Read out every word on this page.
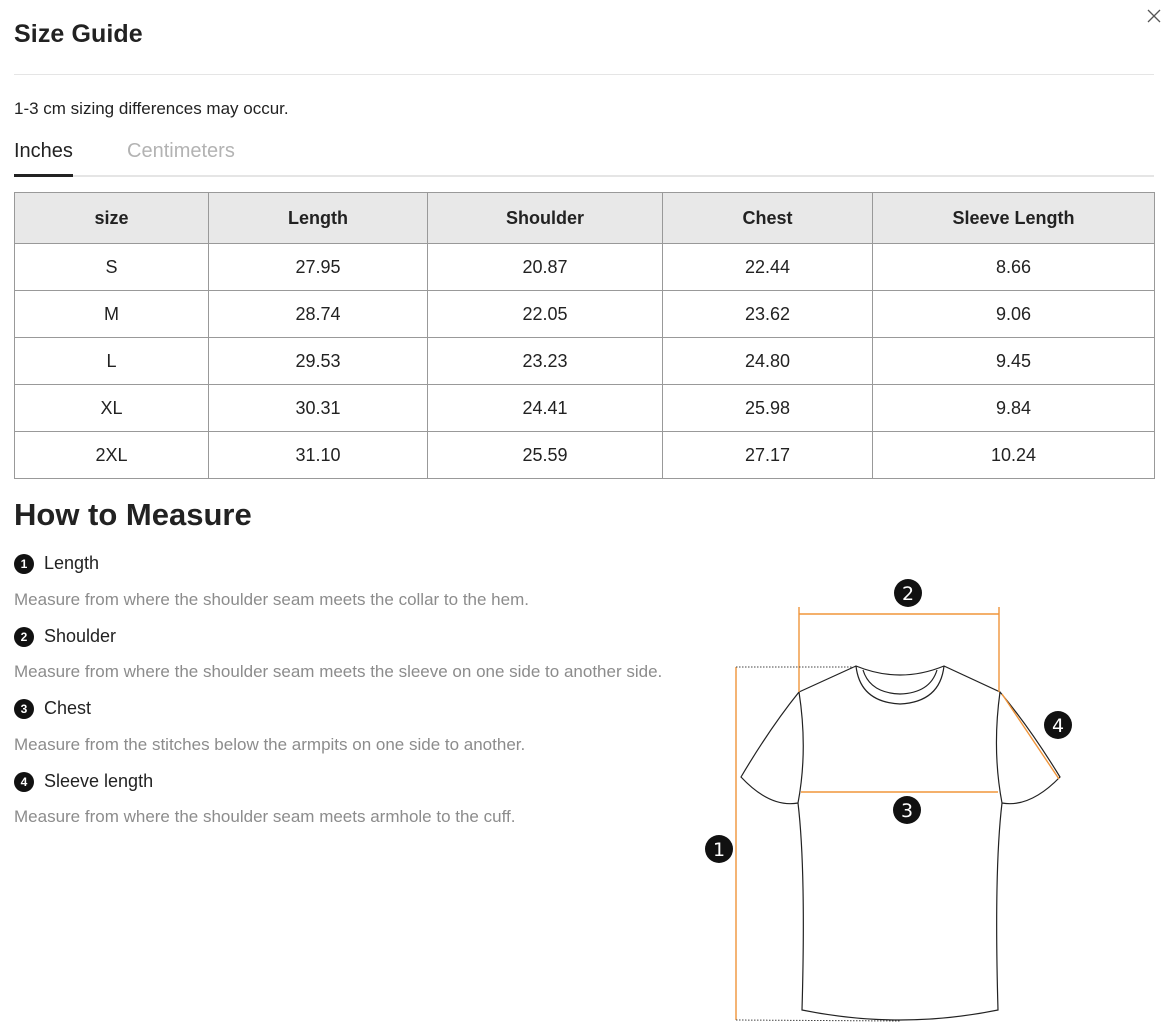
Size Guide
1-3 cm sizing differences may occur.
Inches	Centimeters
size	Length	Shoulder	Chest	Sleeve Length
S	27.95	20.87	22.44	8.66
M	28.74	22.05	23.62	9.06
L	29.53	23.23	24.80	9.45
XL	30.31	24.41	25.98	9.84
2XL	31.10	25.59	27.17	10.24
How to Measure
1 Length
Measure from where the shoulder seam meets the collar to the hem.
2 Shoulder
Measure from where the shoulder seam meets the sleeve on one side to another side.
3 Chest
Measure from the stitches below the armpits on one side to another.
4 Sleeve length
Measure from where the shoulder seam meets armhole to the cuff.
1
2
3
4
